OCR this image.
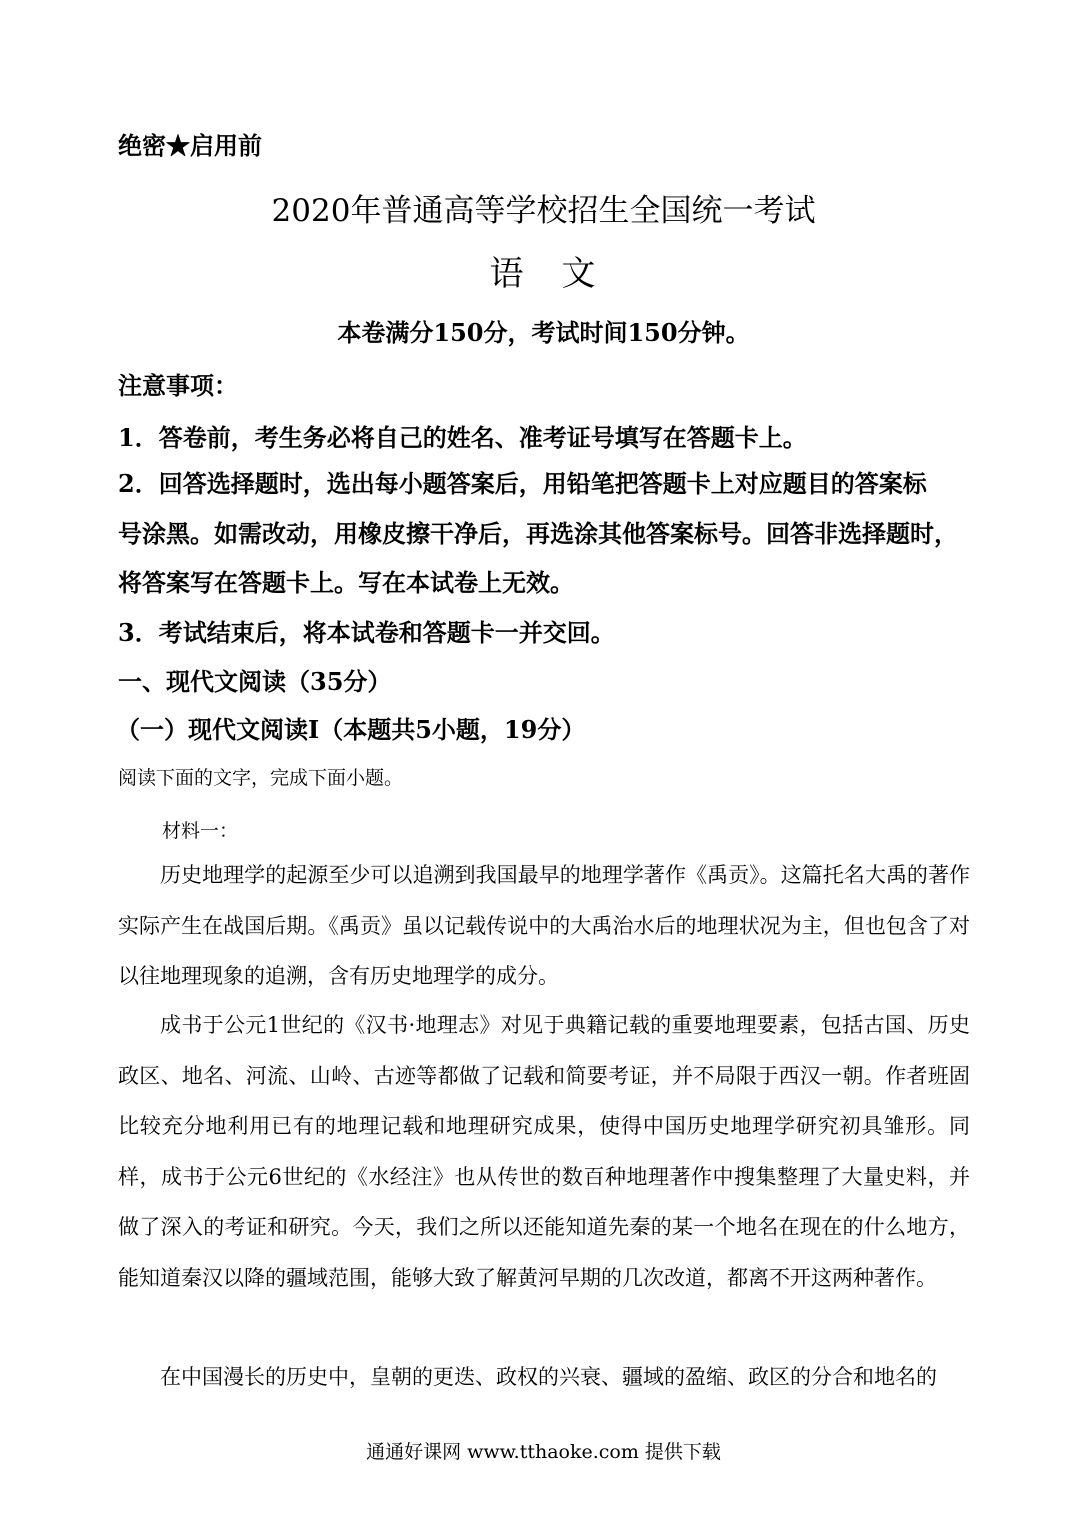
绝密★启用前

2020年普通高等学校招生全国统一考试
语　文

本卷满分150分，考试时间150分钟。

注意事项：

1．答卷前，考生务必将自己的姓名、准考证号填写在答题卡上。

2．回答选择题时，选出每小题答案后，用铅笔把答题卡上对应题目的答案标

号涂黑。如需改动，用橡皮擦干净后，再选涂其他答案标号。回答非选择题时，

将答案写在答题卡上。写在本试卷上无效。

3．考试结束后，将本试卷和答题卡一并交回。

一、现代文阅读（35分）

（一）现代文阅读Ⅰ（本题共5小题，19分）

阅读下面的文字，完成下面小题。

材料一：

历史地理学的起源至少可以追溯到我国最早的地理学著作《禹贡》。这篇托名大禹的著作实际产生在战国后期。《禹贡》虽以记载传说中的大禹治水后的地理状况为主，但也包含了对以往地理现象的追溯，含有历史地理学的成分。

成书于公元1世纪的《汉书·地理志》对见于典籍记载的重要地理要素，包括古国、历史政区、地名、河流、山岭、古迹等都做了记载和简要考证，并不局限于西汉一朝。作者班固比较充分地利用已有的地理记载和地理研究成果，使得中国历史地理学研究初具雏形。同样，成书于公元6世纪的《水经注》也从传世的数百种地理著作中搜集整理了大量史料，并做了深入的考证和研究。今天，我们之所以还能知道先秦的某一个地名在现在的什么地方，能知道秦汉以降的疆域范围，能够大致了解黄河早期的几次改道，都离不开这两种著作。

在中国漫长的历史中，皇朝的更迭、政权的兴衰、疆域的盈缩、政区的分合和地名的

通通好课网 www.tthaoke.com 提供下载
